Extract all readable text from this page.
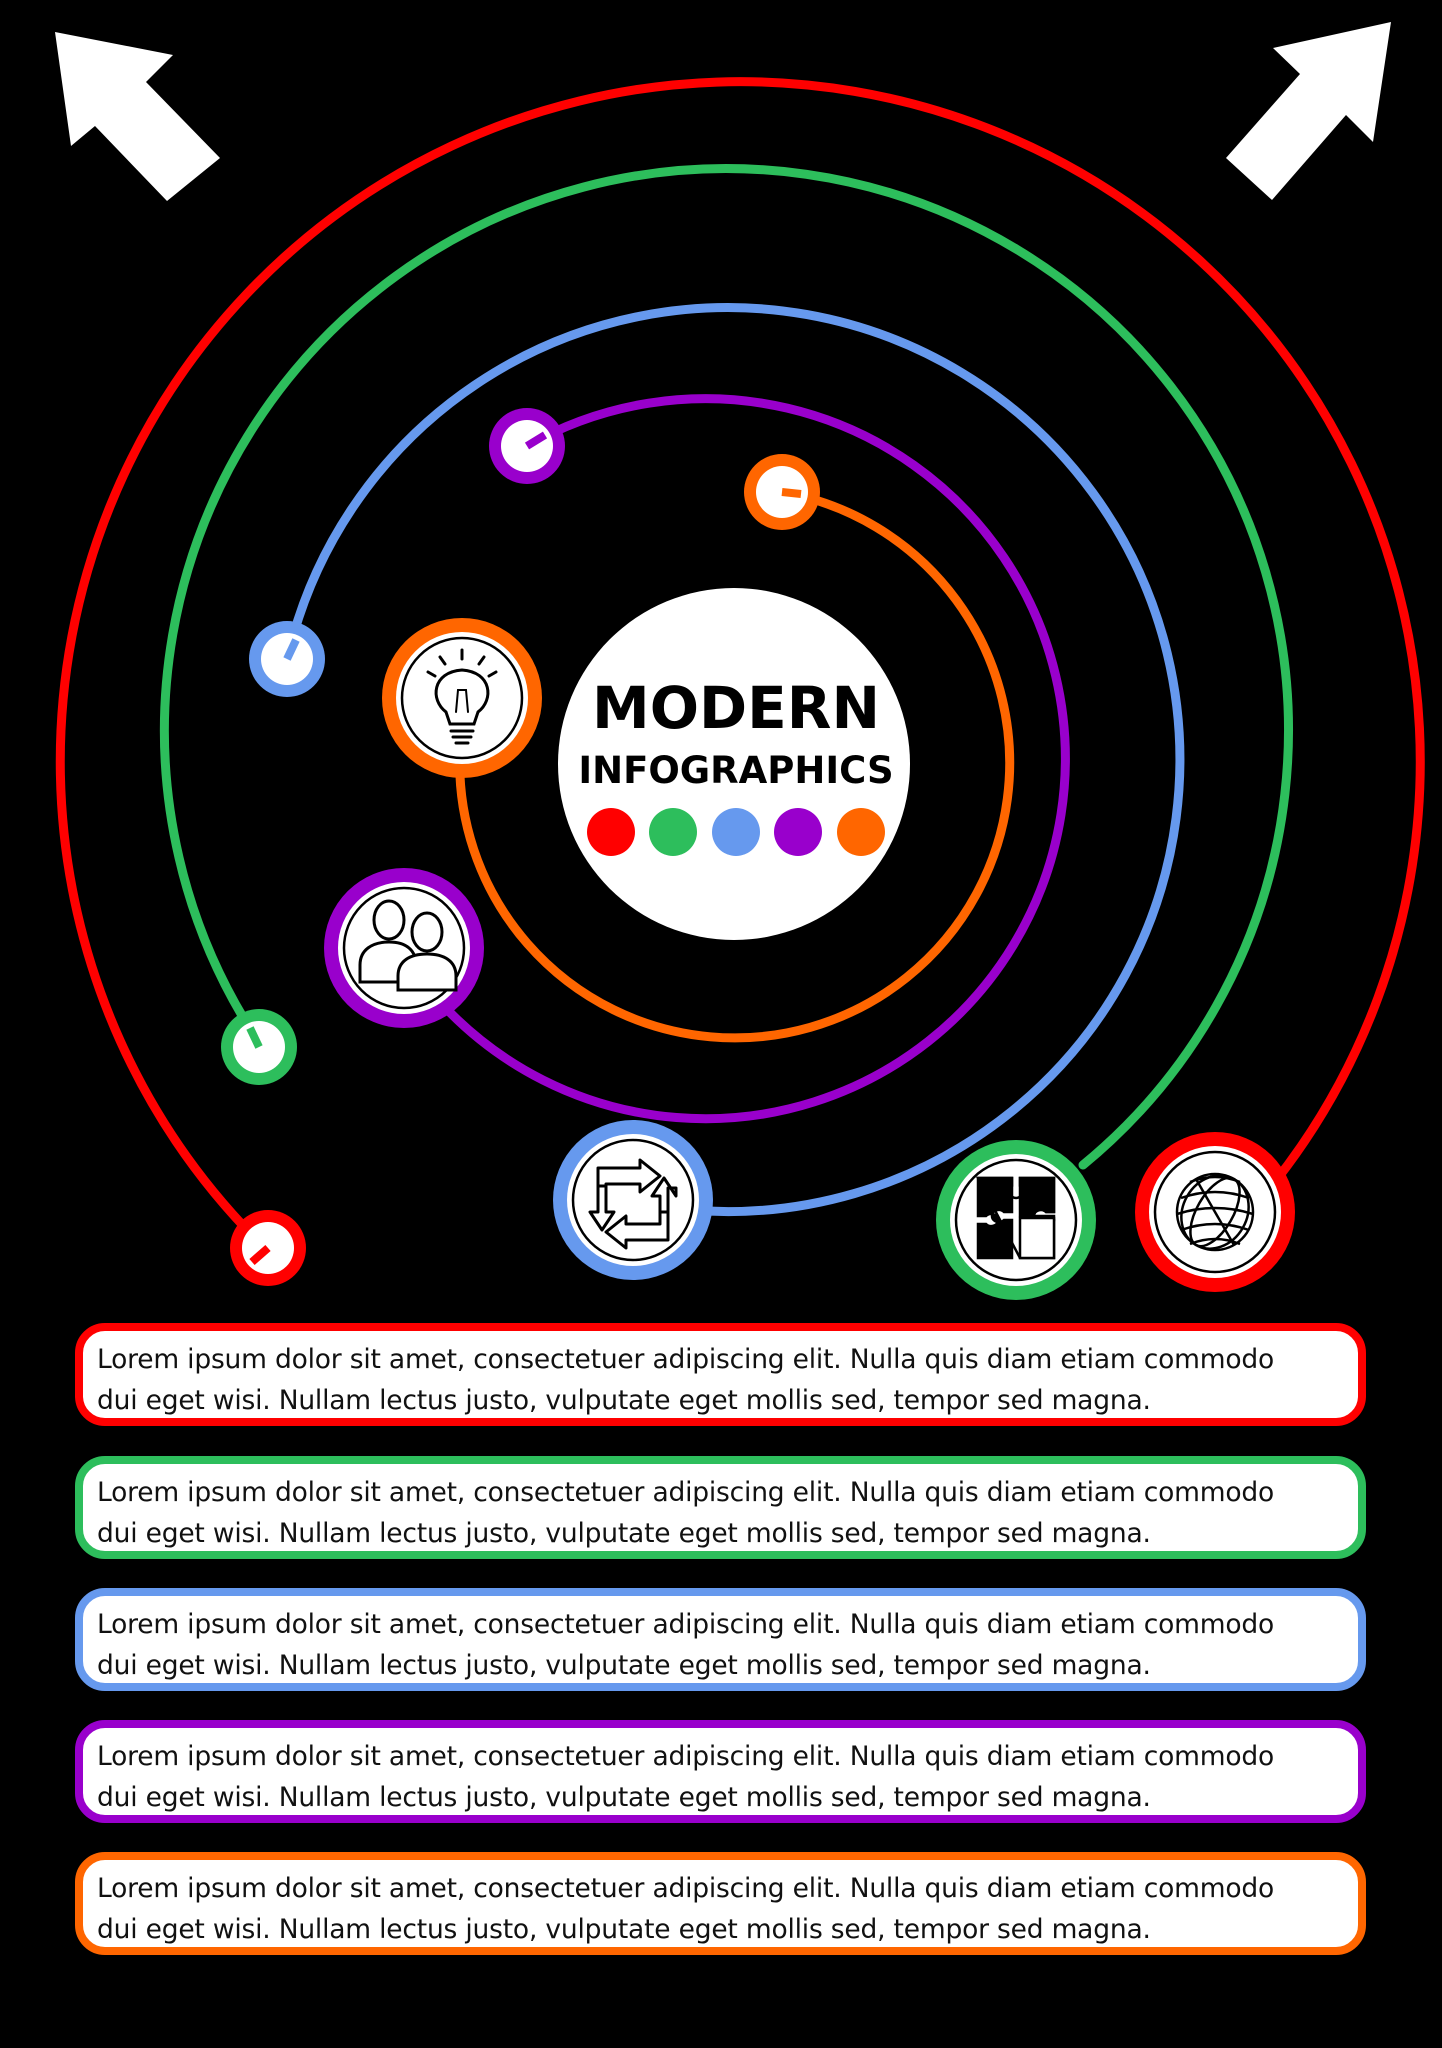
MODERN
INFOGRAPHICS
Lorem ipsum dolor sit amet, consectetuer adipiscing elit. Nulla quis diam etiam commodo
dui eget wisi. Nullam lectus justo, vulputate eget mollis sed, tempor sed magna.
Lorem ipsum dolor sit amet, consectetuer adipiscing elit. Nulla quis diam etiam commodo
dui eget wisi. Nullam lectus justo, vulputate eget mollis sed, tempor sed magna.
Lorem ipsum dolor sit amet, consectetuer adipiscing elit. Nulla quis diam etiam commodo
dui eget wisi. Nullam lectus justo, vulputate eget mollis sed, tempor sed magna.
Lorem ipsum dolor sit amet, consectetuer adipiscing elit. Nulla quis diam etiam commodo
dui eget wisi. Nullam lectus justo, vulputate eget mollis sed, tempor sed magna.
Lorem ipsum dolor sit amet, consectetuer adipiscing elit. Nulla quis diam etiam commodo
dui eget wisi. Nullam lectus justo, vulputate eget mollis sed, tempor sed magna.
